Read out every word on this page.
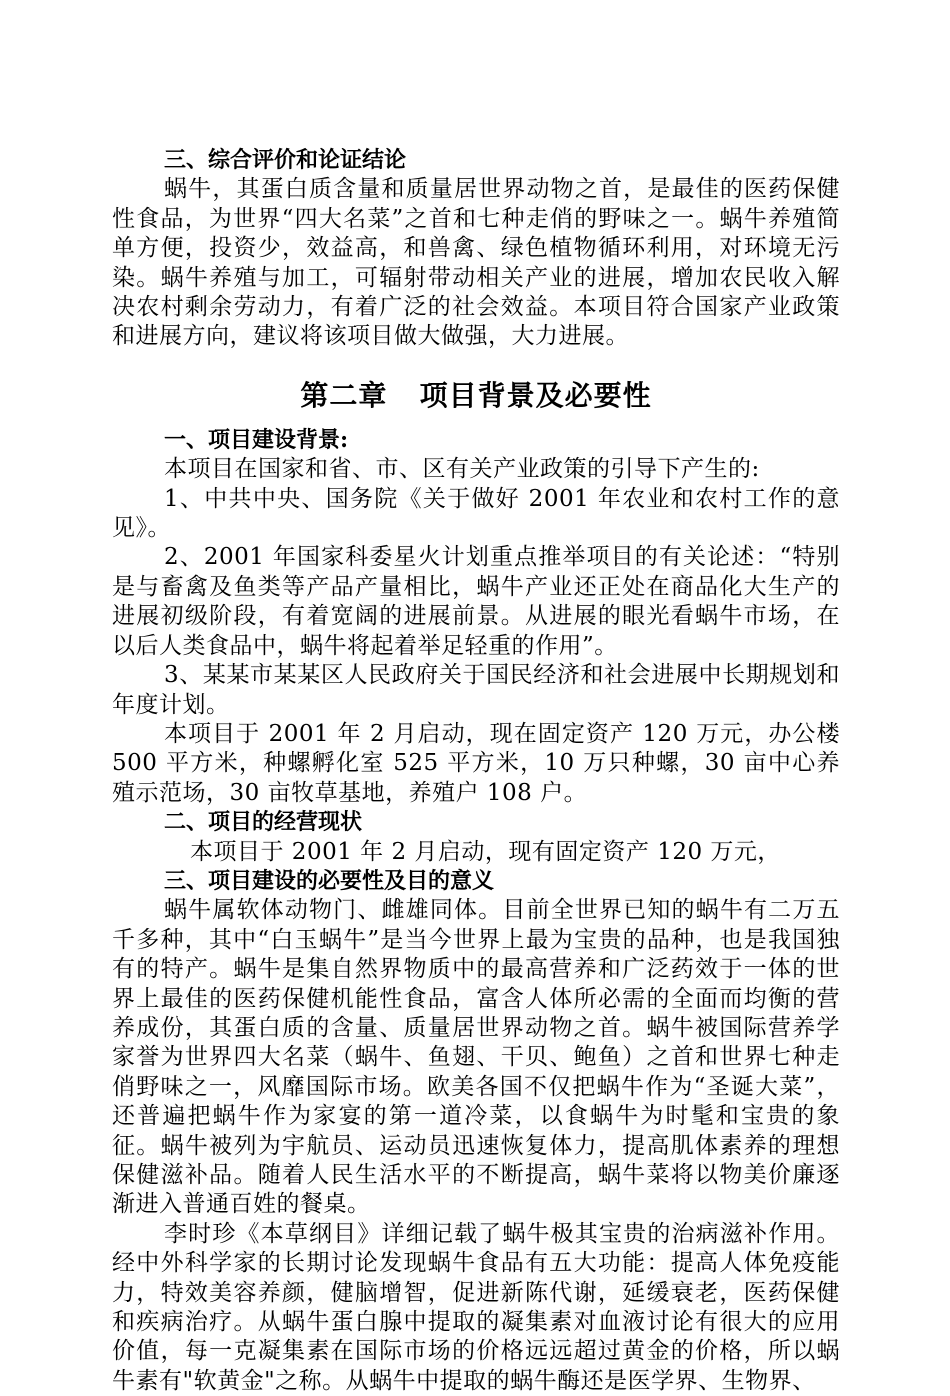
三、综合评价和论证结论

蜗牛，其蛋白质含量和质量居世界动物之首，是最佳的医药保健性食品，为世界“四大名菜”之首和七种走俏的野味之一。蜗牛养殖简单方便，投资少，效益高，和兽禽、绿色植物循环利用，对环境无污染。蜗牛养殖与加工，可辐射带动相关产业的进展，增加农民收入解决农村剩余劳动力，有着广泛的社会效益。本项目符合国家产业政策和进展方向，建议将该项目做大做强，大力进展。

第二章   项目背景及必要性

一、项目建设背景:

本项目在国家和省、市、区有关产业政策的引导下产生的:

1、中共中央、国务院《关于做好 2001 年农业和农村工作的意见》。

2、2001 年国家科委星火计划重点推举项目的有关论述：“特别是与畜禽及鱼类等产品产量相比，蜗牛产业还正处在商品化大生产的进展初级阶段，有着宽阔的进展前景。从进展的眼光看蜗牛市场，在以后人类食品中，蜗牛将起着举足轻重的作用”。

3、某某市某某区人民政府关于国民经济和社会进展中长期规划和年度计划。

本项目于 2001 年 2 月启动，现在固定资产 120 万元，办公楼 500 平方米，种螺孵化室 525 平方米，10 万只种螺，30 亩中心养殖示范场，30 亩牧草基地，养殖户 108 户。

二、项目的经营现状

本项目于 2001 年 2 月启动，现有固定资产 120 万元，

三、项目建设的必要性及目的意义

蜗牛属软体动物门、雌雄同体。目前全世界已知的蜗牛有二万五千多种，其中“白玉蜗牛”是当今世界上最为宝贵的品种，也是我国独有的特产。蜗牛是集自然界物质中的最高营养和广泛药效于一体的世界上最佳的医药保健机能性食品，富含人体所必需的全面而均衡的营养成份，其蛋白质的含量、质量居世界动物之首。蜗牛被国际营养学家誉为世界四大名菜（蜗牛、鱼翅、干贝、鲍鱼）之首和世界七种走俏野味之一，风靡国际市场。欧美各国不仅把蜗牛作为“圣诞大菜”，还普遍把蜗牛作为家宴的第一道冷菜，以食蜗牛为时髦和宝贵的象征。蜗牛被列为宇航员、运动员迅速恢复体力，提高肌体素养的理想保健滋补品。随着人民生活水平的不断提高，蜗牛菜将以物美价廉逐渐进入普通百姓的餐桌。

李时珍《本草纲目》详细记载了蜗牛极其宝贵的治病滋补作用。经中外科学家的长期讨论发现蜗牛食品有五大功能：提高人体免疫能力，特效美容养颜，健脑增智，促进新陈代谢，延缓衰老，医药保健和疾病治疗。从蜗牛蛋白腺中提取的凝集素对血液讨论有很大的应用价值，每一克凝集素在国际市场的价格远远超过黄金的价格，所以蜗牛素有"软黄金"之称。从蜗牛中提取的蜗牛酶还是医学界、生物界、
